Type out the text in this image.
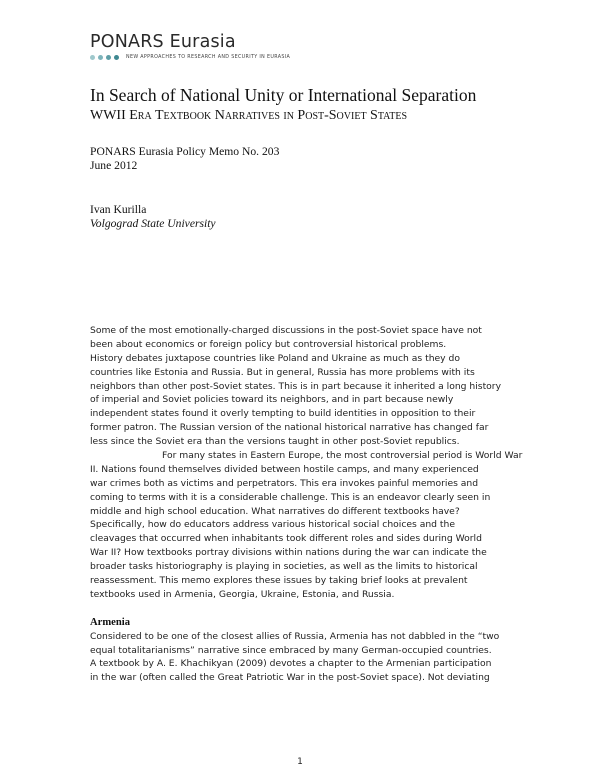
PONARS Eurasia
NEW APPROACHES TO RESEARCH AND SECURITY IN EURASIA
In Search of National Unity or International Separation
WWII Era Textbook Narratives in Post-Soviet States
PONARS Eurasia Policy Memo No. 203
June 2012
Ivan Kurilla
Volgograd State University
Some of the most emotionally-charged discussions in the post-Soviet space have not
been about economics or foreign policy but controversial historical problems.
History debates juxtapose countries like Poland and Ukraine as much as they do
countries like Estonia and Russia. But in general, Russia has more problems with its
neighbors than other post-Soviet states. This is in part because it inherited a long history
of imperial and Soviet policies toward its neighbors, and in part because newly
independent states found it overly tempting to build identities in opposition to their
former patron. The Russian version of the national historical narrative has changed far
less since the Soviet era than the versions taught in other post-Soviet republics.
For many states in Eastern Europe, the most controversial period is World War
II. Nations found themselves divided between hostile camps, and many experienced
war crimes both as victims and perpetrators. This era invokes painful memories and
coming to terms with it is a considerable challenge. This is an endeavor clearly seen in
middle and high school education. What narratives do different textbooks have?
Specifically, how do educators address various historical social choices and the
cleavages that occurred when inhabitants took different roles and sides during World
War II? How textbooks portray divisions within nations during the war can indicate the
broader tasks historiography is playing in societies, as well as the limits to historical
reassessment. This memo explores these issues by taking brief looks at prevalent
textbooks used in Armenia, Georgia, Ukraine, Estonia, and Russia.
Armenia
Considered to be one of the closest allies of Russia, Armenia has not dabbled in the “two
equal totalitarianisms” narrative since embraced by many German-occupied countries.
A textbook by A. E. Khachikyan (2009) devotes a chapter to the Armenian participation
in the war (often called the Great Patriotic War in the post-Soviet space). Not deviating
1
